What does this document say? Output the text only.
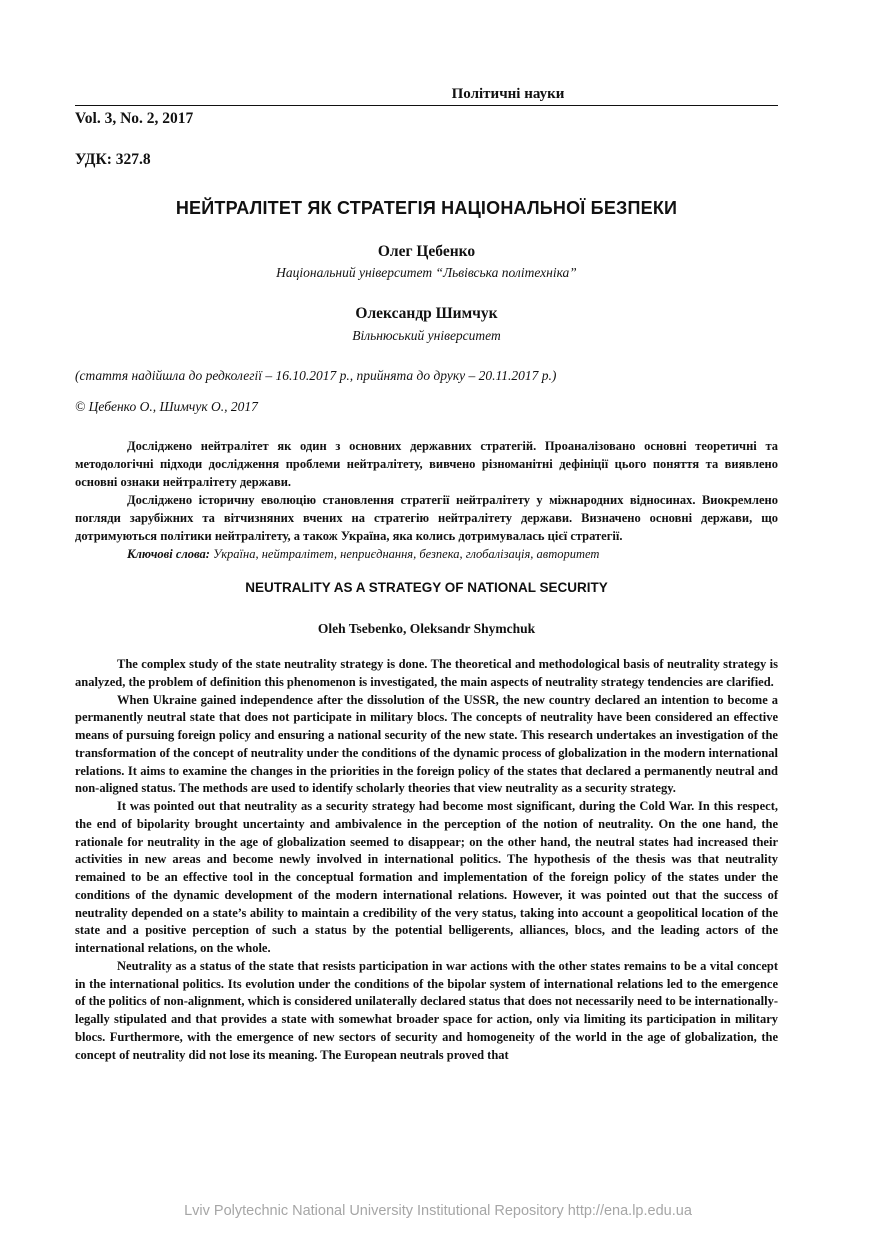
Політичні науки
Vol. 3, No. 2, 2017
УДК: 327.8
НЕЙТРАЛІТЕТ ЯК СТРАТЕГІЯ НАЦІОНАЛЬНОЇ БЕЗПЕКИ
Олег Цебенко
Національний університет “Львівська політехніка”
Олександр Шимчук
Вільнюський університет
(стаття надійшла до редколегії – 16.10.2017 р., прийнята до друку – 20.11.2017 р.)
© Цебенко О., Шимчук О., 2017

Досліджено нейтралітет як один з основних державних стратегій. Проаналізовано основні теоретичні та методологічні підходи дослідження проблеми нейтралітету, вивчено різноманітні дефініції цього поняття та виявлено основні ознаки нейтралітету держави.

Досліджено історичну еволюцію становлення стратегії нейтралітету у міжнародних відносинах. Виокремлено погляди зарубіжних та вітчизняних вчених на стратегію нейтралітету держави. Визначено основні держави, що дотримуються політики нейтралітету, а також Україна, яка колись дотримувалась цієї стратегії.

Ключові слова: Україна, нейтралітет, неприєднання, безпека, глобалізація, авторитет

NEUTRALITY AS A STRATEGY OF NATIONAL SECURITY
Oleh Tsebenko, Oleksandr Shymchuk

The complex study of the state neutrality strategy is done. The theoretical and methodological basis of neutrality strategy is analyzed, the problem of definition this phenomenon is investigated, the main aspects of neutrality strategy tendencies are clarified.

When Ukraine gained independence after the dissolution of the USSR, the new country declared an intention to become a permanently neutral state that does not participate in military blocs. The concepts of neutrality have been considered an effective means of pursuing foreign policy and ensuring a national security of the new state. This research undertakes an investigation of the transformation of the concept of neutrality under the conditions of the dynamic process of globalization in the modern international relations. It aims to examine the changes in the priorities in the foreign policy of the states that declared a permanently neutral and non-aligned status. The methods are used to identify scholarly theories that view neutrality as a security strategy.

It was pointed out that neutrality as a security strategy had become most significant, during the Cold War. In this respect, the end of bipolarity brought uncertainty and ambivalence in the perception of the notion of neutrality. On the one hand, the rationale for neutrality in the age of globalization seemed to disappear; on the other hand, the neutral states had increased their activities in new areas and become newly involved in international politics. The hypothesis of the thesis was that neutrality remained to be an effective tool in the conceptual formation and implementation of the foreign policy of the states under the conditions of the dynamic development of the modern international relations. However, it was pointed out that the success of neutrality depended on a state’s ability to maintain a credibility of the very status, taking into account a geopolitical location of the state and a positive perception of such a status by the potential belligerents, alliances, blocs, and the leading actors of the international relations, on the whole.

Neutrality as a status of the state that resists participation in war actions with the other states remains to be a vital concept in the international politics. Its evolution under the conditions of the bipolar system of international relations led to the emergence of the politics of non-alignment, which is considered unilaterally declared status that does not necessarily need to be internationally-legally stipulated and that provides a state with somewhat broader space for action, only via limiting its participation in military blocs. Furthermore, with the emergence of new sectors of security and homogeneity of the world in the age of globalization, the concept of neutrality did not lose its meaning. The European neutrals proved that

Lviv Polytechnic National University Institutional Repository http://ena.lp.edu.ua
